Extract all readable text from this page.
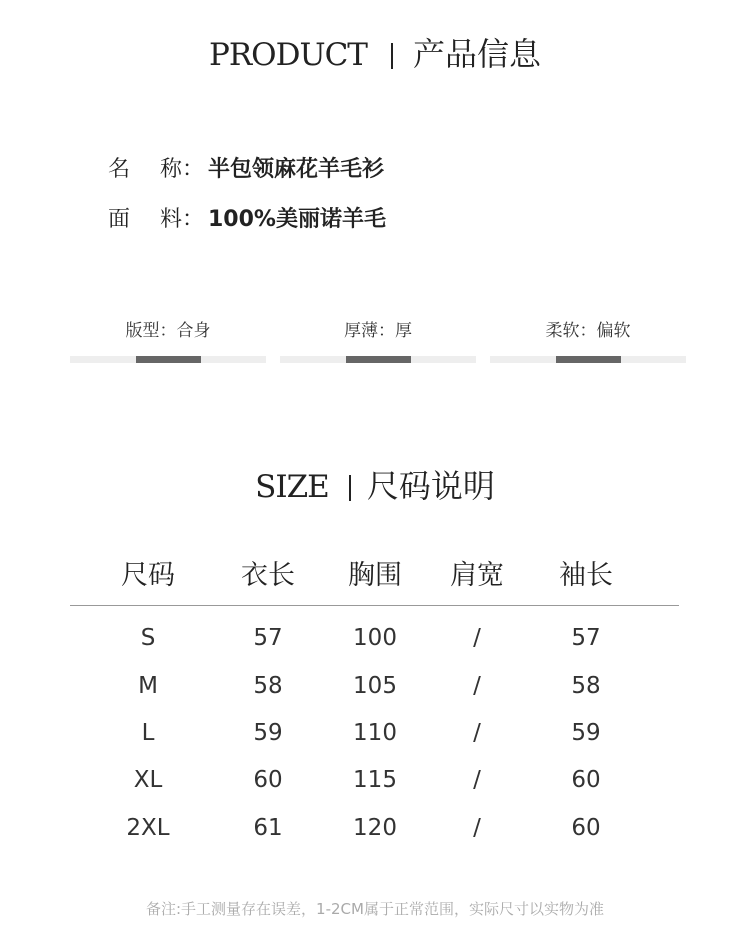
PRODUCT 产品信息
名 称： 半包领麻花羊毛衫
面 料： 100%美丽诺羊毛
版型：合身	厚薄：厚	柔软：偏软
SIZE 尺码说明
尺码	衣长	胸围	肩宽	袖长
S	57	100	/	57
M	58	105	/	58
L	59	110	/	59
XL	60	115	/	60
2XL	61	120	/	60
备注:手工测量存在误差，1-2CM属于正常范围，实际尺寸以实物为准
